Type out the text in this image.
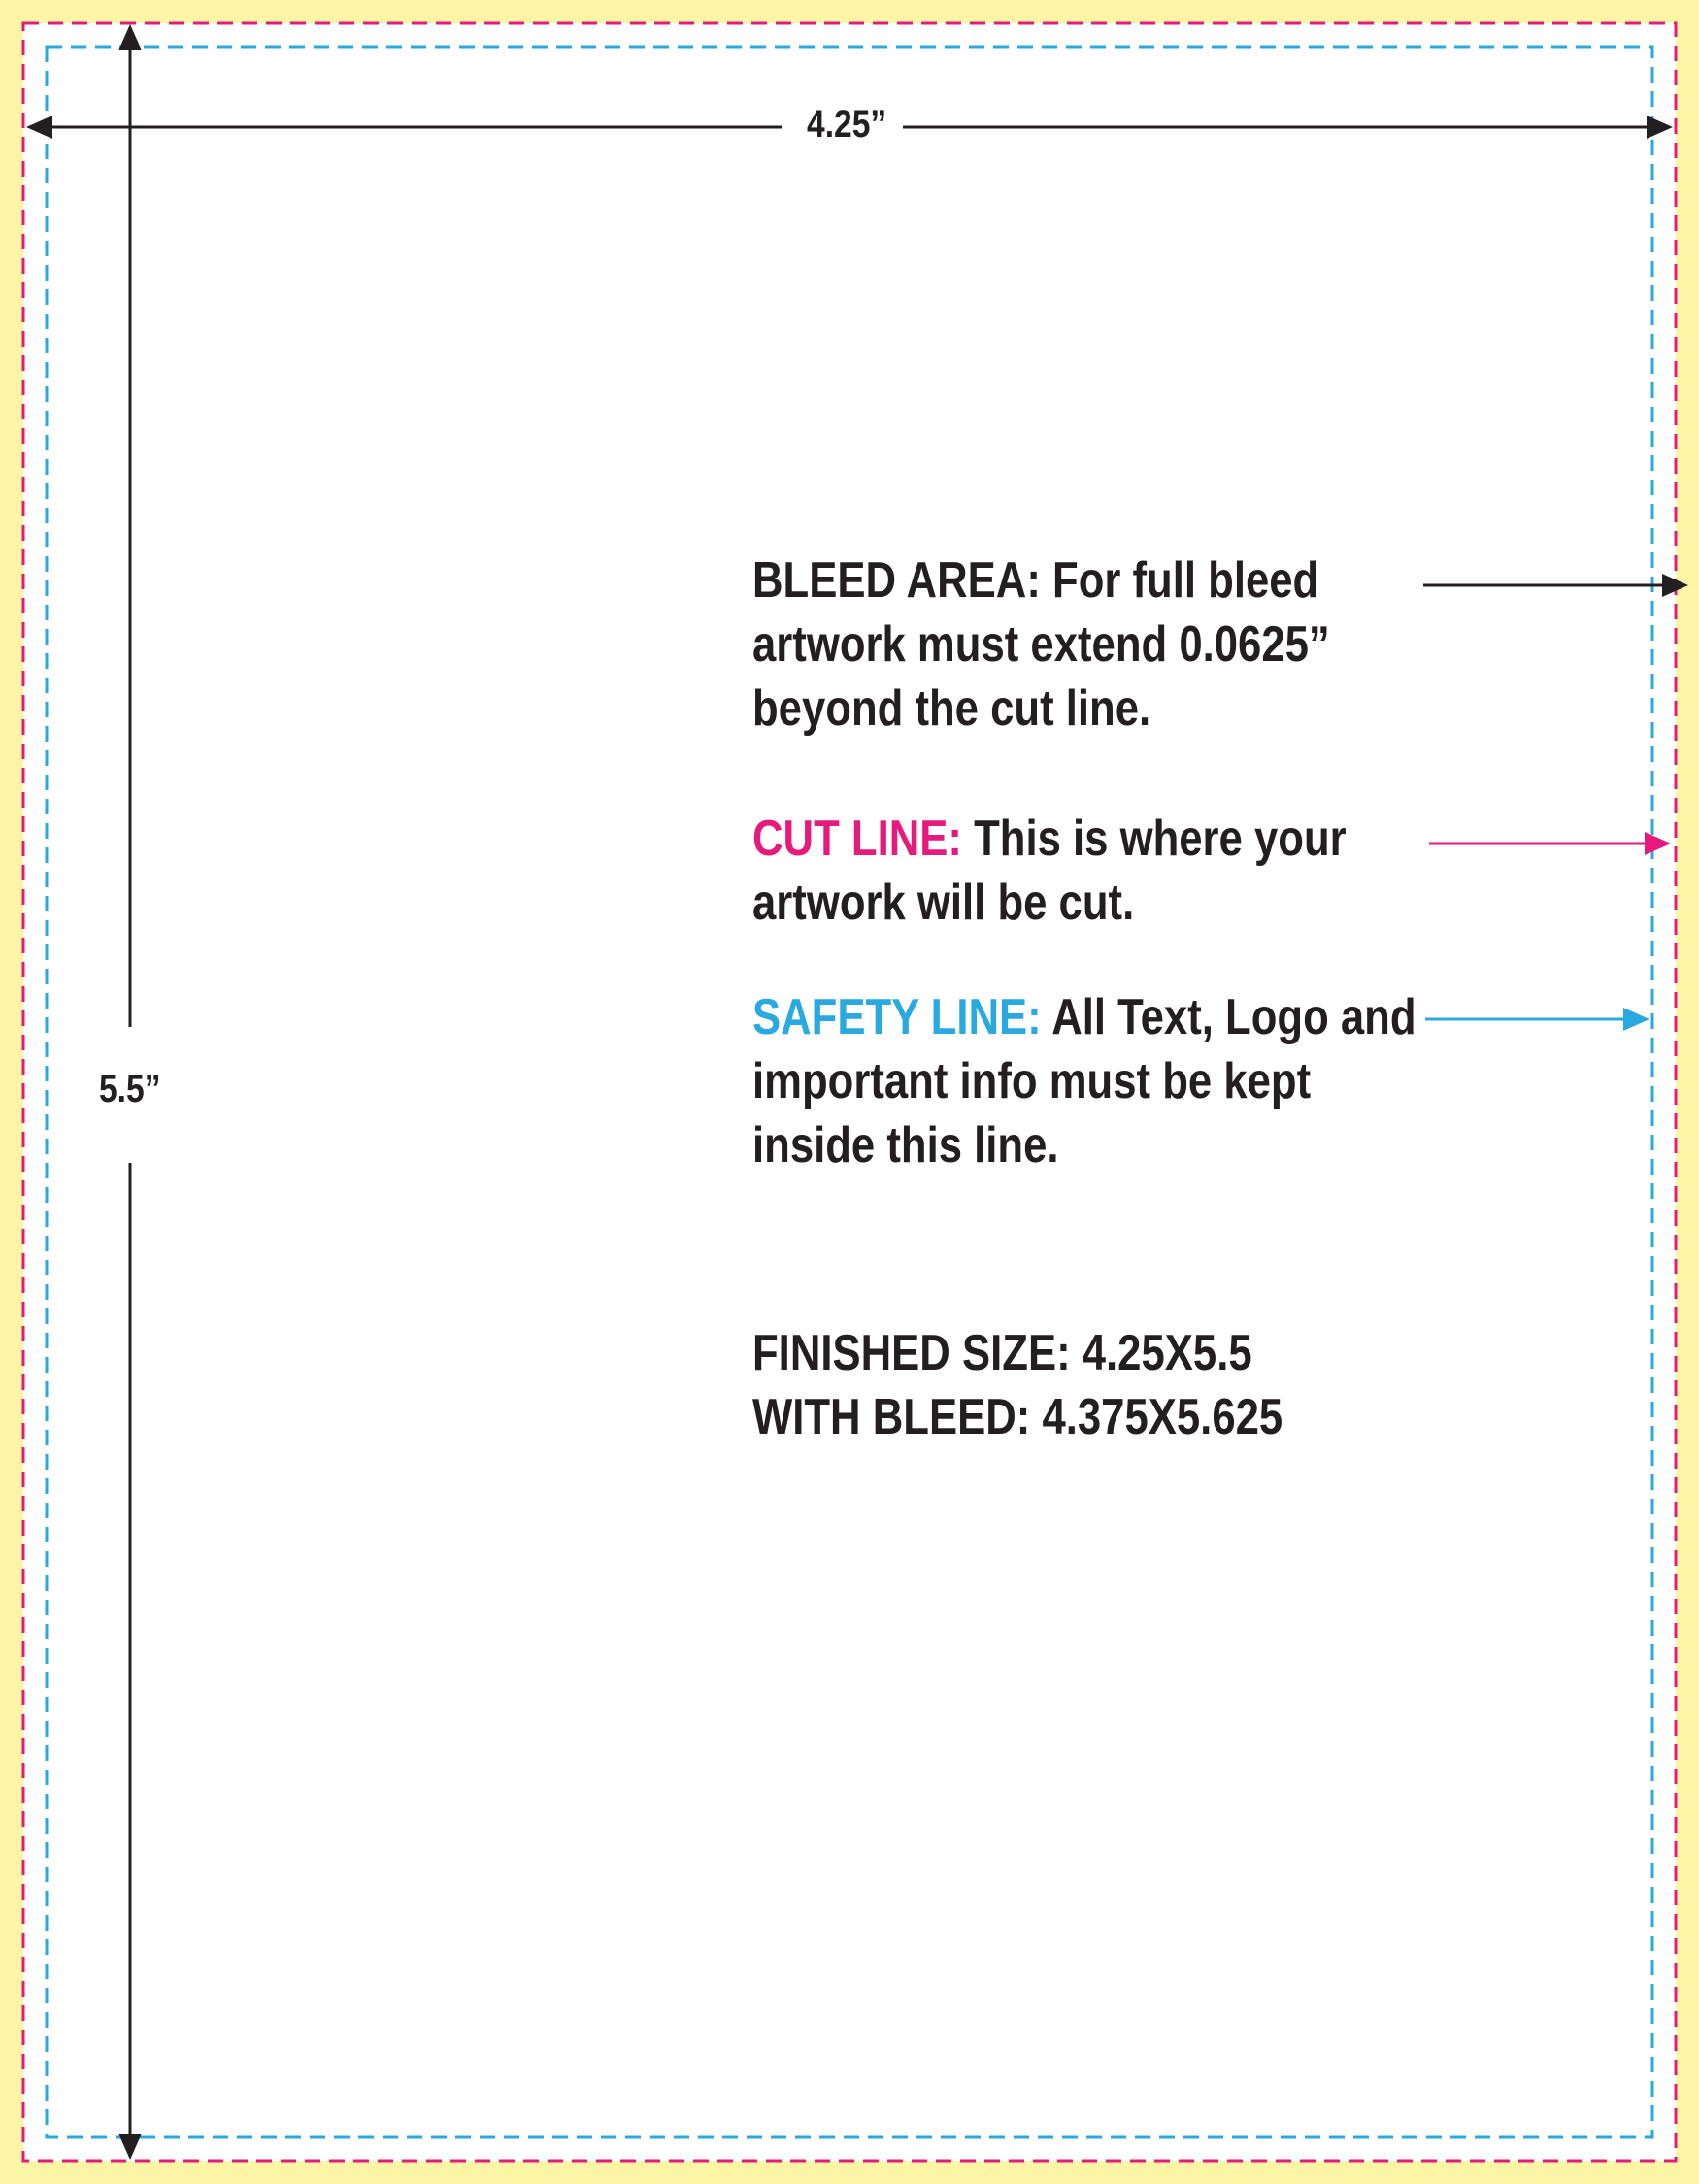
4.25”
5.5”
BLEED AREA: For full bleed
artwork must extend 0.0625”
beyond the cut line.
CUT LINE: This is where your
artwork will be cut.
SAFETY LINE: All Text, Logo and
important info must be kept
inside this line.
FINISHED SIZE: 4.25X5.5
WITH BLEED: 4.375X5.625
